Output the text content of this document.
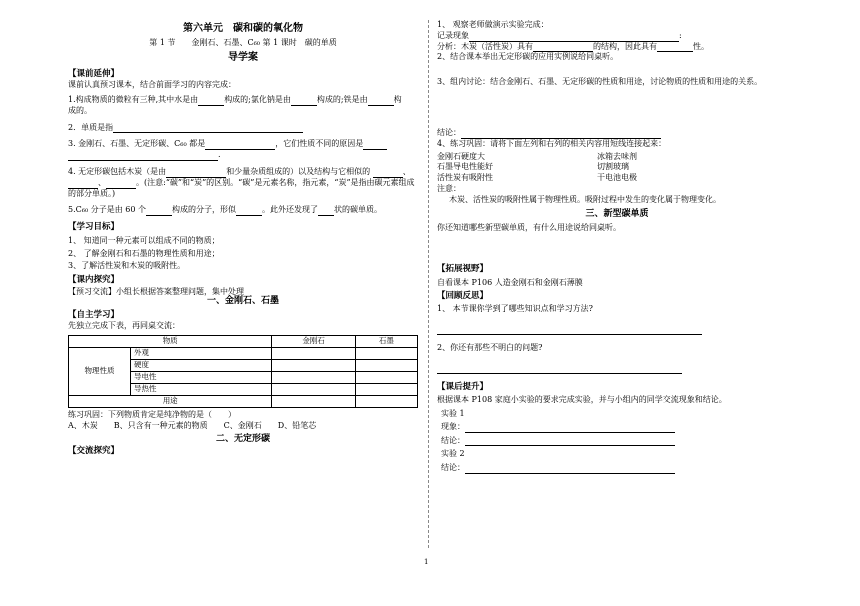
第六单元　碳和碳的氧化物
第 1 节　　金刚石、石墨、C₆₀ 第 1 课时　碳的单质
导学案
【课前延伸】

课前认真预习课本，结合前面学习的内容完成：

1.构成物质的微粒有三种,其中水是由	构成的;氯化钠是由	构成的;铁是由	构
成的。

2．单质是指

3. 金刚石、石墨、无定形碳、C₆₀ 都是	，它们性质不同的原因是
.

4. 无定形碳包括木炭（是由	和少量杂质组成的）以及结构与它相似的	、、	。(注意:“碳”和“炭”的区别。“碳”是元素名称，指元素，“炭”是指由碳元素组成的部分单质。)

5.C₆₀ 分子是由 60 个	构成的分子，形似	。此外还发现了 状的碳单质。

【学习目标】

1、 知道同一种元素可以组成不同的物质；

2、 了解金刚石和石墨的物理性质和用途；

3、了解活性炭和木炭的吸附性。

【课内探究】

【预习交流】小组长根据答案整理问题，集中处理

一、金刚石、石墨
【自主学习】

先独立完成下表，再同桌交流：

物质		金刚石	石墨
物理性质	外观		
	硬度		
	导电性		
	导热性		
用途			

练习巩固：下列物质肯定是纯净物的是（　　）

A、木炭　　B、只含有一种元素的物质　　C、金刚石　　D、铅笔芯

二、无定形碳
【交流探究】

1、 观察老师做演示实验完成：

记录现象	:

分析：木炭（活性炭）具有	的结构，因此具有	性。

2、结合课本举出无定形碳的应用实例说给同桌听。

3、组内讨论：结合金刚石、石墨、无定形碳的性质和用途，讨论物质的性质和用途的关系。

结论：

4、练习巩固：请将下面左列和右列的相关内容用短线连接起来：

金刚石硬度大	冰箱去味剂
石墨导电性能好	切割玻璃
活性炭有吸附性	干电池电极

注意：

木炭、活性炭的吸附性属于物理性质。吸附过程中发生的变化属于物理变化。

三、新型碳单质

你还知道哪些新型碳单质，有什么用途说给同桌听。

【拓展视野】

自看课本 P106 人造金刚石和金刚石薄膜

【回顾反思】

1、 本节课你学到了哪些知识点和学习方法?

2、你还有那些不明白的问题?

【课后提升】

根据课本 P108 家庭小实验的要求完成实验，并与小组内的同学交流现象和结论。

实验 1

现象：

结论：

实验 2

结论：

1
